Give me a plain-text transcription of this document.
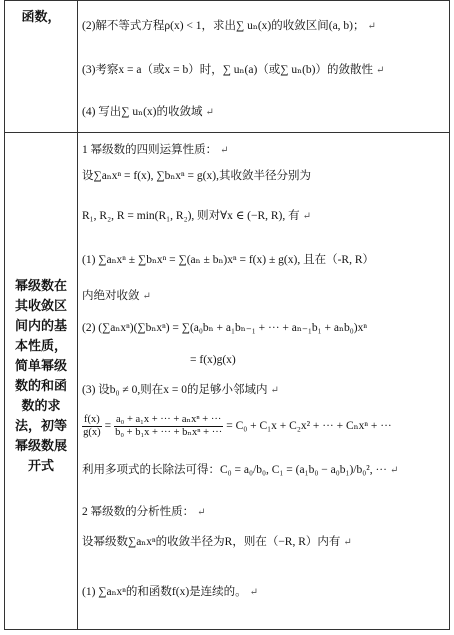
函数，
(2)解不等式方程ρ(x) < 1，求出∑ uₙ(x)的收敛区间(a, b)； ↵
(3)考察x = a（或x = b）时，∑ uₙ(a)（或∑ uₙ(b)）的敛散性 ↵
(4) 写出∑ uₙ(x)的收敛域 ↵
幂级数在
其收敛区
间内的基
本性质，
简单幂级
数的和函
数的求
法，初等
幂级数展
开式
1 幂级数的四则运算性质： ↵
设∑aₙxⁿ = f(x), ∑bₙxⁿ = g(x),其收敛半径分别为
R₁, R₂, R = min(R₁, R₂), 则对∀x ∈ (−R, R), 有 ↵
(1) ∑aₙxⁿ ± ∑bₙxⁿ = ∑(aₙ ± bₙ)xⁿ = f(x) ± g(x), 且在（-R, R）
内绝对收敛 ↵
(2) (∑aₙxⁿ)(∑bₙxⁿ) = ∑(a₀bₙ + a₁bₙ₋₁ + ··· + aₙ₋₁b₁ + aₙb₀)xⁿ
= f(x)g(x)
(3) 设b₀ ≠ 0,则在x = 0的足够小邻域内 ↵
$\frac{f(x)}{g(x)} = \frac{\text{a₀ + a₁x + ··· + aₙxⁿ + ···}}{\text{b₀ + b₁x + ··· + bₙxⁿ + ···}} = C_0 + C_1x + C_2x^2$ + ··· + Cₙxⁿ + ···
利用多项式的长除法可得：C₀ = a₀/b₀, C₁ = (a₁b₀ − a₀b₁)/b₀², ··· ↵
2 幂级数的分析性质： ↵
设幂级数∑aₙxⁿ的收敛半径为R，则在（−R, R）内有 ↵
(1) ∑aₙxⁿ的和函数f(x)是连续的。 ↵
